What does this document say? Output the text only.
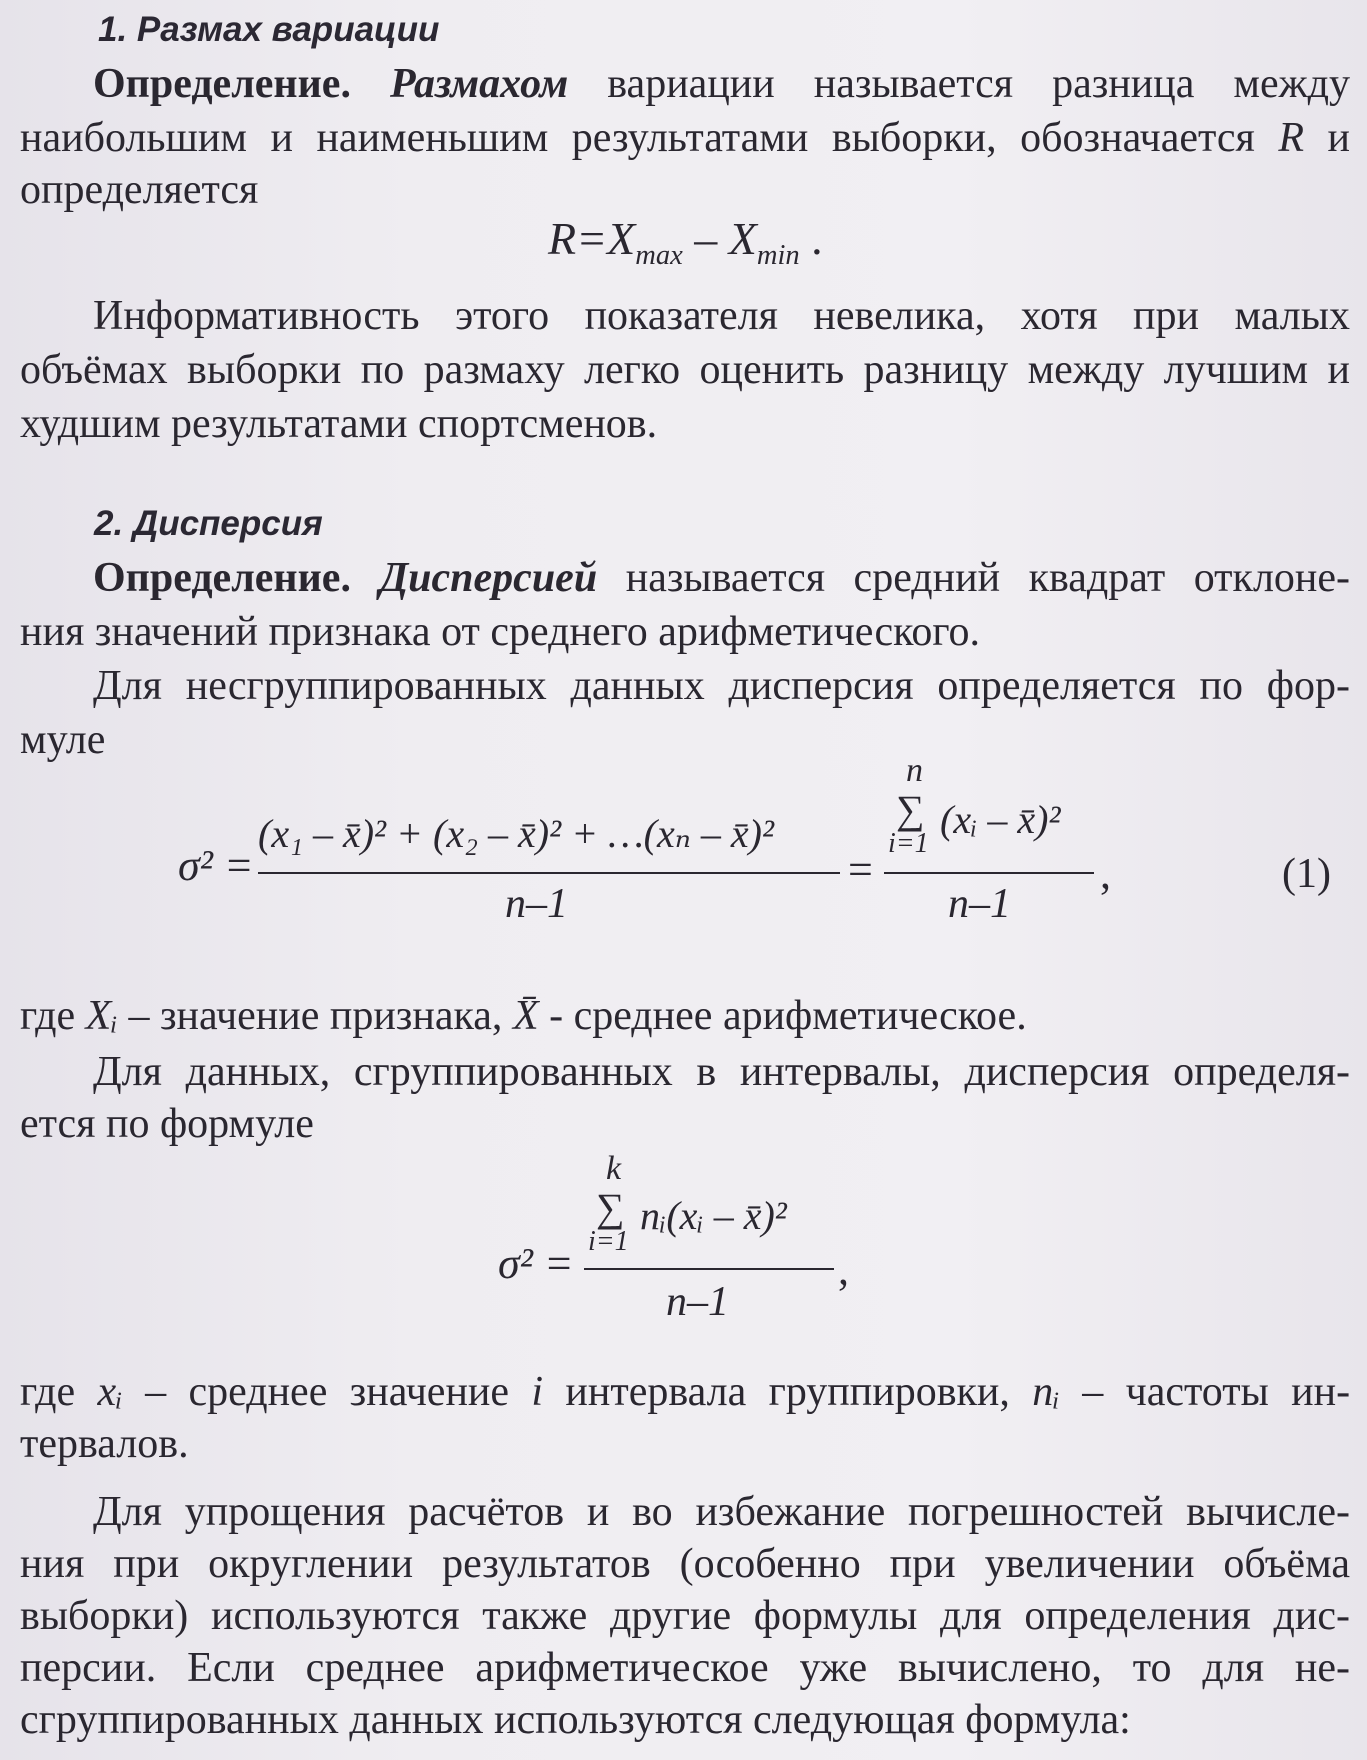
1. Размах вариации
Определение. Размахом вариации называется разница между
наибольшим и наименьшим результатами выборки, обозначается R и
определяется
$R=X_{max} - X_{min}$ .
Информативность этого показателя невелика, хотя при малых
объёмах выборки по размаху легко оценить разницу между лучшим и
худшим результатами спортсменов.
2. Дисперсия
Определение. Дисперсией называется средний квадрат отклоне-
ния значений признака от среднего арифметического.
Для несгруппированных данных дисперсия определяется по фор-
муле
σ² =
(x₁ – x̄)² + (x₂ – x̄)² + …(xₙ – x̄)²
n–1
=
n
∑
i=1
(xᵢ – x̄)²
n–1
,	(1)
где Xᵢ – значение признака, X̄ - среднее арифметическое.
Для данных, сгруппированных в интервалы, дисперсия определя-
ется по формуле
σ² =
k
∑
i=1
nᵢ(xᵢ – x̄)²
n–1
,
где xᵢ – среднее значение i интервала группировки, nᵢ – частоты ин-
тервалов.
Для упрощения расчётов и во избежание погрешностей вычисле-
ния при округлении результатов (особенно при увеличении объёма
выборки) используются также другие формулы для определения дис-
персии. Если среднее арифметическое уже вычислено, то для не-
сгруппированных данных используются следующая формула:
